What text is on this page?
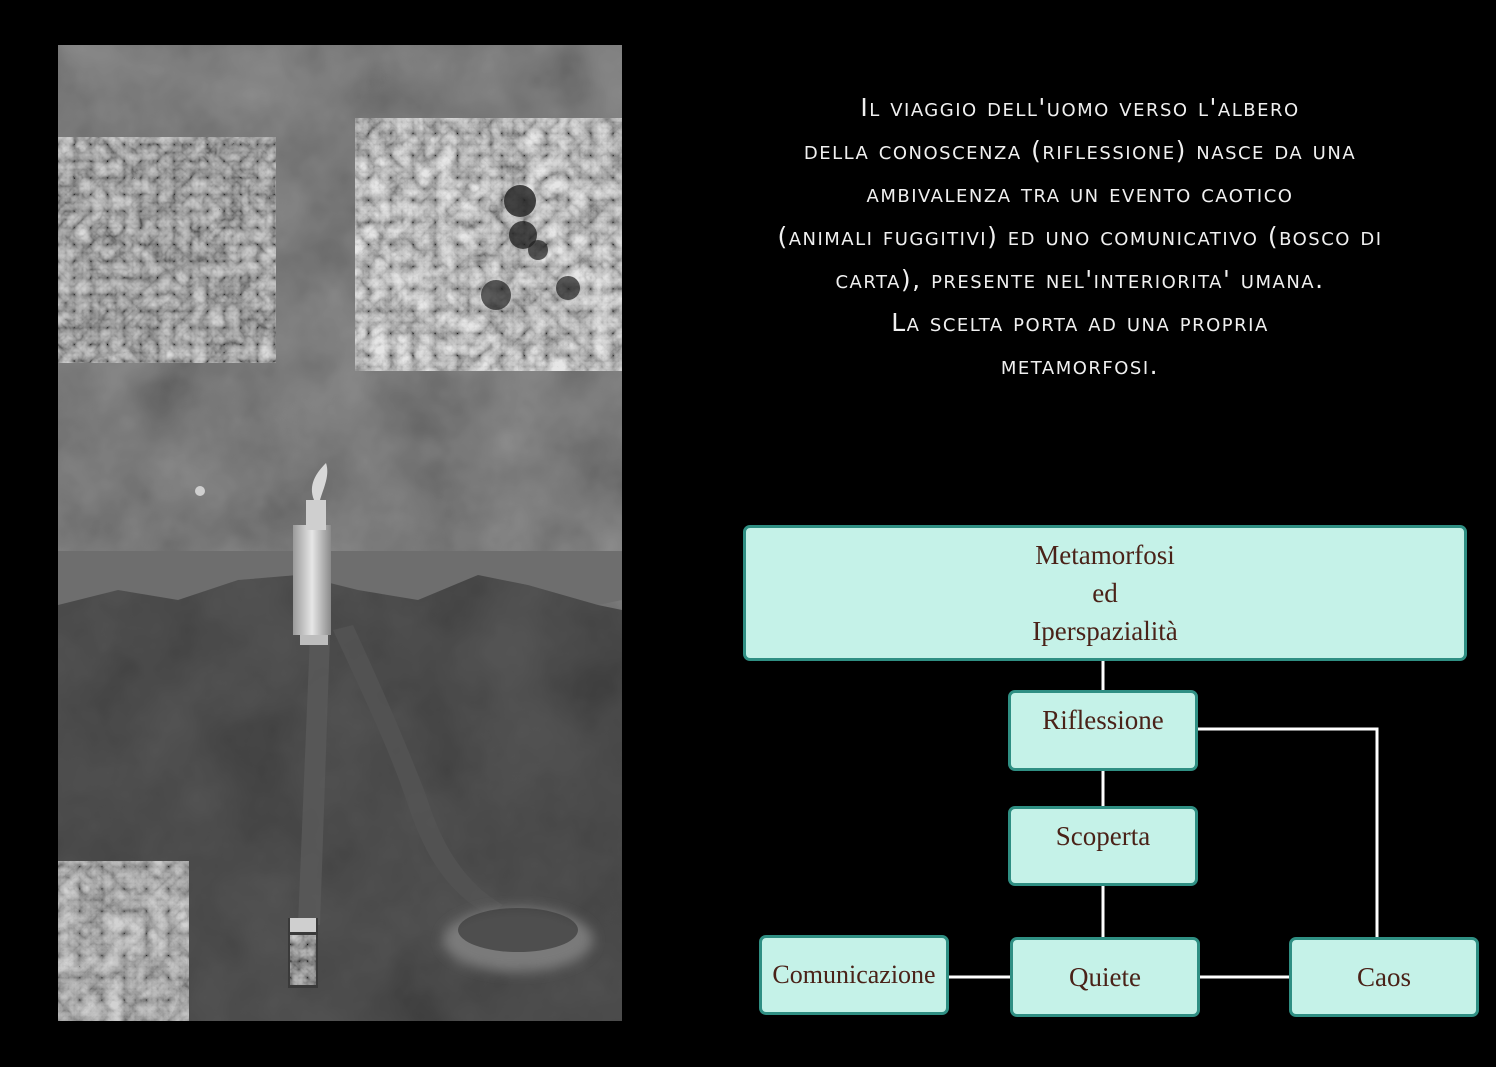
Il viaggio dell'uomo verso l'albero
della conoscenza (riflessione) nasce da una
ambivalenza tra un evento caotico
(animali fuggitivi) ed uno comunicativo (bosco di
carta), presente nel'interiorita' umana.
La scelta porta ad una propria
metamorfosi.
Metamorfosi
ed
Iperspazialità
Riflessione
Scoperta
Comunicazione	Quiete	Caos
